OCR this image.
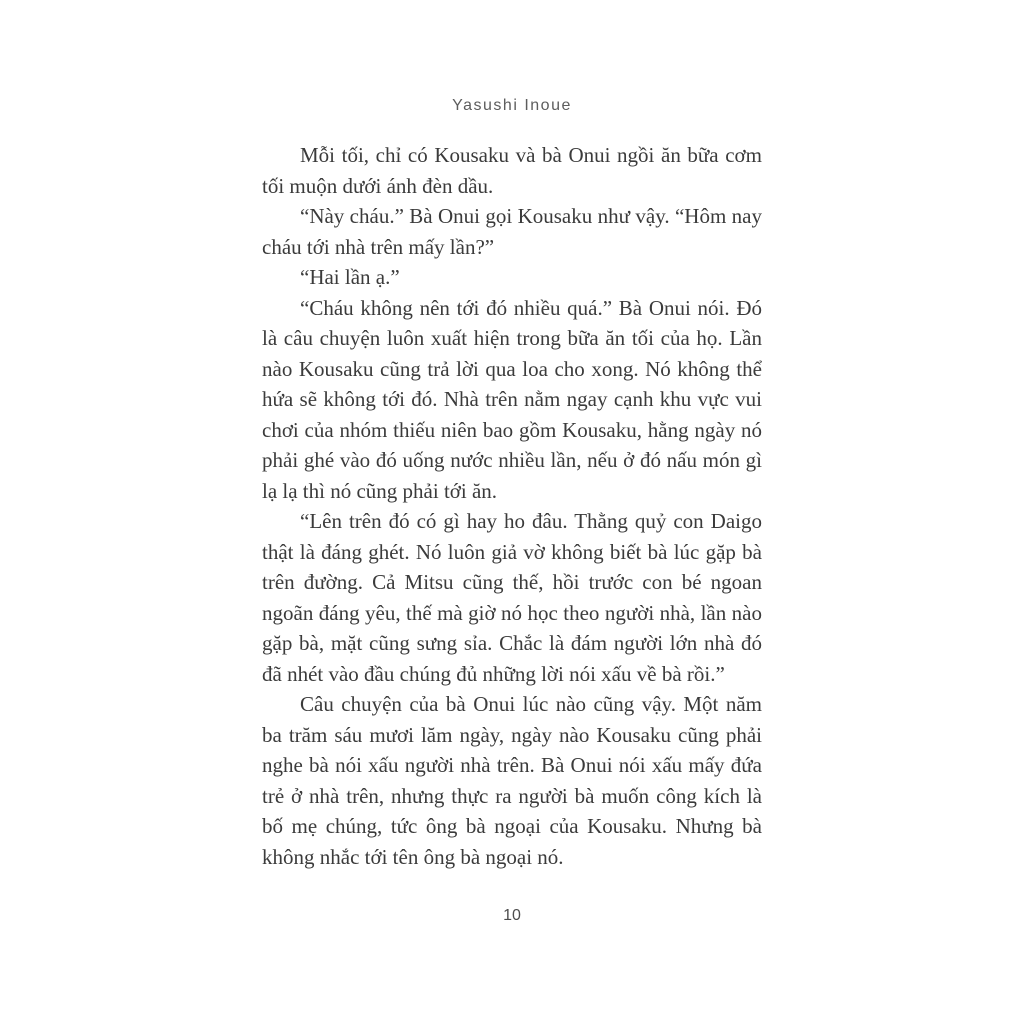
Yasushi Inoue

Mỗi tối, chỉ có Kousaku và bà Onui ngồi ăn bữa cơm tối muộn dưới ánh đèn dầu.

“Này cháu.” Bà Onui gọi Kousaku như vậy. “Hôm nay cháu tới nhà trên mấy lần?”

“Hai lần ạ.”

“Cháu không nên tới đó nhiều quá.” Bà Onui nói. Đó là câu chuyện luôn xuất hiện trong bữa ăn tối của họ. Lần nào Kousaku cũng trả lời qua loa cho xong. Nó không thể hứa sẽ không tới đó. Nhà trên nằm ngay cạnh khu vực vui chơi của nhóm thiếu niên bao gồm Kousaku, hằng ngày nó phải ghé vào đó uống nước nhiều lần, nếu ở đó nấu món gì lạ lạ thì nó cũng phải tới ăn.

“Lên trên đó có gì hay ho đâu. Thằng quỷ con Daigo thật là đáng ghét. Nó luôn giả vờ không biết bà lúc gặp bà trên đường. Cả Mitsu cũng thế, hồi trước con bé ngoan ngoãn đáng yêu, thế mà giờ nó học theo người nhà, lần nào gặp bà, mặt cũng sưng sỉa. Chắc là đám người lớn nhà đó đã nhét vào đầu chúng đủ những lời nói xấu về bà rồi.”

Câu chuyện của bà Onui lúc nào cũng vậy. Một năm ba trăm sáu mươi lăm ngày, ngày nào Kousaku cũng phải nghe bà nói xấu người nhà trên. Bà Onui nói xấu mấy đứa trẻ ở nhà trên, nhưng thực ra người bà muốn công kích là bố mẹ chúng, tức ông bà ngoại của Kousaku. Nhưng bà không nhắc tới tên ông bà ngoại nó.

10
